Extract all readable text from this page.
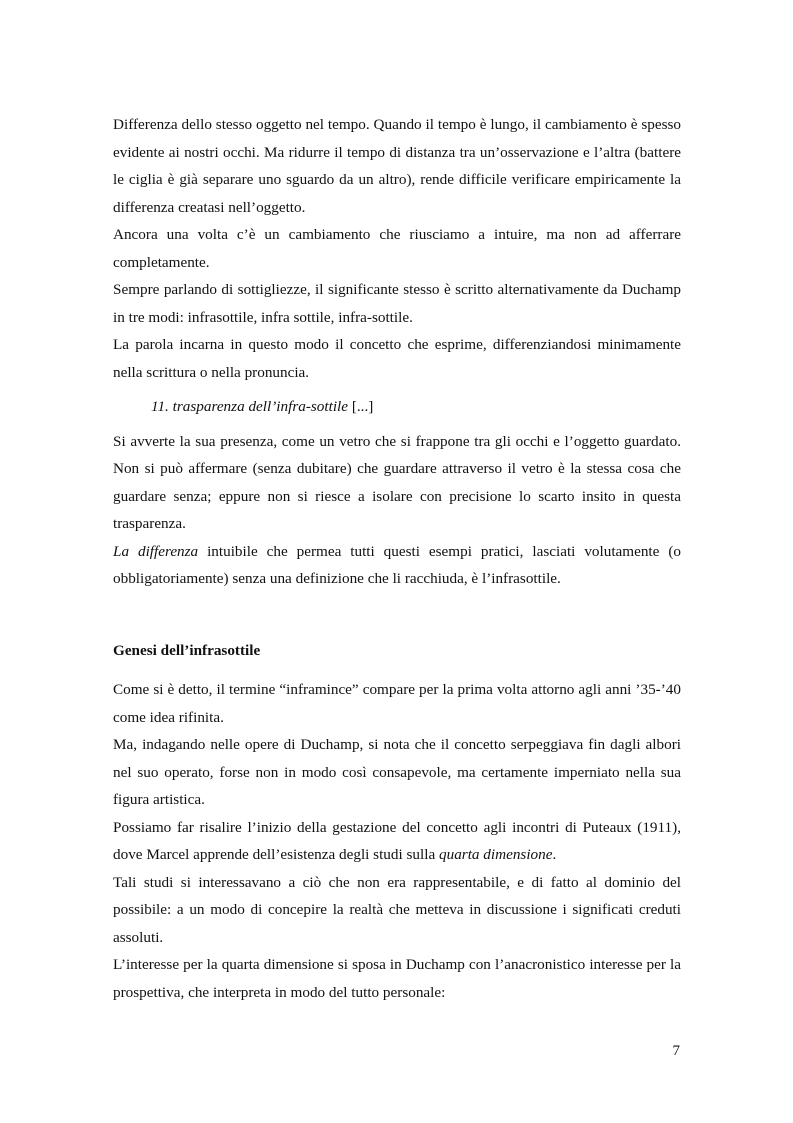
Differenza dello stesso oggetto nel tempo. Quando il tempo è lungo, il cambiamento è spesso evidente ai nostri occhi. Ma ridurre il tempo di distanza tra un’osservazione e l’altra (battere le ciglia è già separare uno sguardo da un altro), rende difficile verificare empiricamente la differenza creatasi nell’oggetto.

Ancora una volta c’è un cambiamento che riusciamo a intuire, ma non ad afferrare completamente.

Sempre parlando di sottigliezze, il significante stesso è scritto alternativamente da Duchamp in tre modi: infrasottile, infra sottile, infra-sottile.

La parola incarna in questo modo il concetto che esprime, differenziandosi minimamente nella scrittura o nella pronuncia.

11. trasparenza dell’infra-sottile [...]

Si avverte la sua presenza, come un vetro che si frappone tra gli occhi e l’oggetto guardato. Non si può affermare (senza dubitare) che guardare attraverso il vetro è la stessa cosa che guardare senza; eppure non si riesce a isolare con precisione lo scarto insito in questa trasparenza.

La differenza intuibile che permea tutti questi esempi pratici, lasciati volutamente (o obbligatoriamente) senza una definizione che li racchiuda, è l’infrasottile.

Genesi dell’infrasottile

Come si è detto, il termine “inframince” compare per la prima volta attorno agli anni ’35-’40 come idea rifinita.

Ma, indagando nelle opere di Duchamp, si nota che il concetto serpeggiava fin dagli albori nel suo operato, forse non in modo così consapevole, ma certamente imperniato nella sua figura artistica.

Possiamo far risalire l’inizio della gestazione del concetto agli incontri di Puteaux (1911), dove Marcel apprende dell’esistenza degli studi sulla quarta dimensione.

Tali studi si interessavano a ciò che non era rappresentabile, e di fatto al dominio del possibile: a un modo di concepire la realtà che metteva in discussione i significati creduti assoluti.

L’interesse per la quarta dimensione si sposa in Duchamp con l’anacronistico interesse per la prospettiva, che interpreta in modo del tutto personale:

7
